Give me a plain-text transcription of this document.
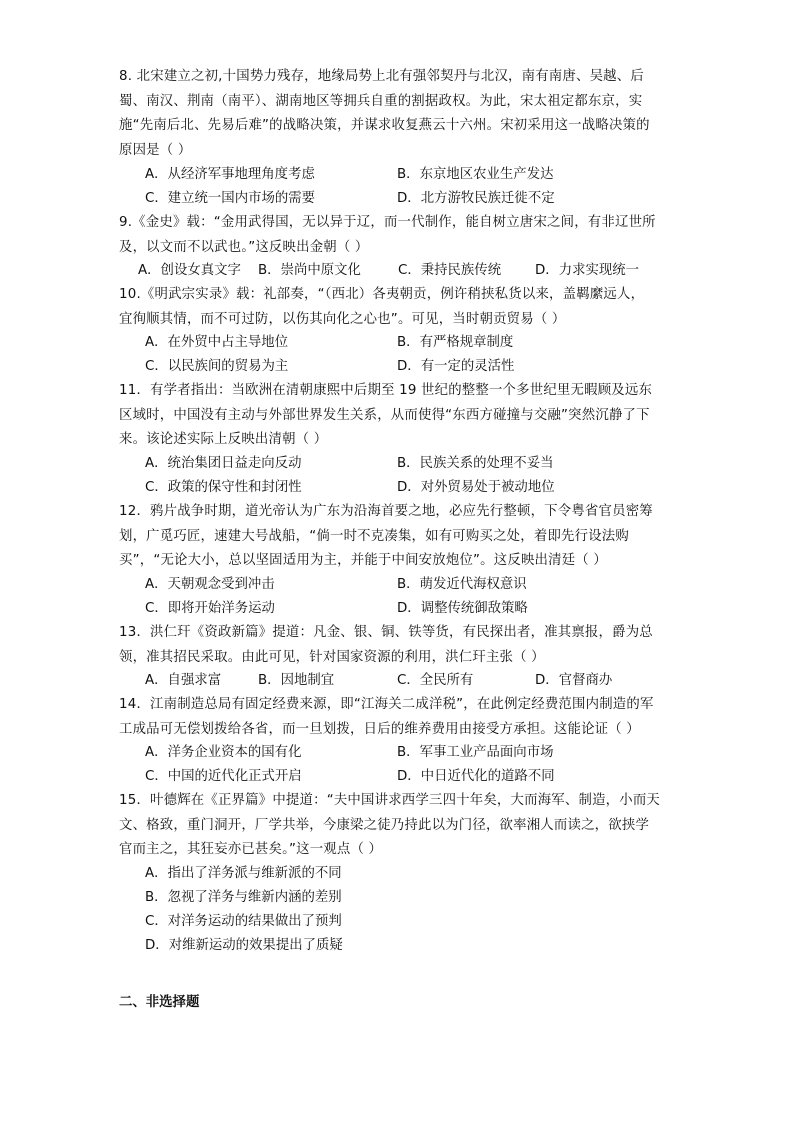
8. 北宋建立之初,十国势力残存，地缘局势上北有强邻契丹与北汉，南有南唐、吴越、后

蜀、南汉、荆南（南平）、湖南地区等拥兵自重的割据政权。为此，宋太祖定都东京，实

施“先南后北、先易后难”的战略决策，并谋求收复燕云十六州。宋初采用这一战略决策的

原因是（ ）

A．从经济军事地理角度考虑	B．东京地区农业生产发达
C．建立统一国内市场的需要	D．北方游牧民族迁徙不定

9.《金史》载：“金用武得国，无以异于辽，而一代制作，能自树立唐宋之间，有非辽世所

及，以文而不以武也。”这反映出金朝（ ）

A．创设女真文字 B．崇尚中原文化	C．秉持民族传统	D．力求实现统一

10.《明武宗实录》载：礼部奏，“（西北）各夷朝贡，例许稍挟私货以来，盖羁縻远人，

宜徇顺其情，而不可过防，以伤其向化之心也”。可见，当时朝贡贸易（ ）

A．在外贸中占主导地位	B．有严格规章制度
C．以民族间的贸易为主	D．有一定的灵活性

11．有学者指出：当欧洲在清朝康熙中后期至 19 世纪的整整一个多世纪里无暇顾及远东

区域时，中国没有主动与外部世界发生关系，从而使得“东西方碰撞与交融”突然沉静了下

来。该论述实际上反映出清朝（ ）

A．统治集团日益走向反动	B．民族关系的处理不妥当
C．政策的保守性和封闭性	D．对外贸易处于被动地位

12．鸦片战争时期，道光帝认为广东为沿海首要之地，必应先行整顿，下令粤省官员密筹

划，广觅巧匠，速建大号战船，“倘一时不克凑集，如有可购买之处，着即先行设法购

买”，“无论大小，总以坚固适用为主，并能于中间安放炮位”。这反映出清廷（ ）

A．天朝观念受到冲击	B．萌发近代海权意识
C．即将开始洋务运动	D．调整传统御敌策略

13．洪仁玕《资政新篇》提道：凡金、银、铜、铁等货，有民探出者，准其禀报，爵为总

领，准其招民采取。由此可见，针对国家资源的利用，洪仁玕主张（ ）

A．自强求富	B．因地制宜	C．全民所有	D．官督商办

14．江南制造总局有固定经费来源，即“江海关二成洋税”，在此例定经费范围内制造的军

工成品可无偿划拨给各省，而一旦划拨，日后的维养费用由接受方承担。这能论证（ ）

A．洋务企业资本的国有化	B．军事工业产品面向市场
C．中国的近代化正式开启	D．中日近代化的道路不同

15．叶德辉在《正界篇》中提道：“夫中国讲求西学三四十年矣，大而海军、制造，小而天

文、格致，重门洞开，厂学共举，今康梁之徒乃持此以为门径，欲率湘人而读之，欲挟学

官而主之，其狂妄亦已甚矣。”这一观点（ ）

A．指出了洋务派与维新派的不同
B．忽视了洋务与维新内涵的差别
C．对洋务运动的结果做出了预判
D．对维新运动的效果提出了质疑
二、非选择题
